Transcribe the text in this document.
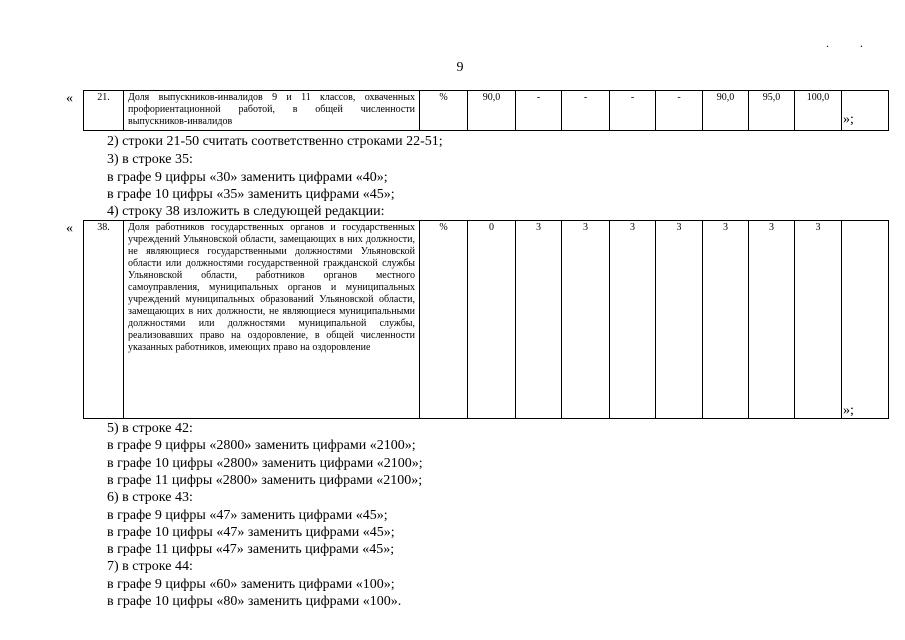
. .
9
« 21.	Доля выпускников-инвалидов 9 и 11 классов, охваченных профориентационной работой, в общей численности выпускников-инвалидов	%	90,0	-	-	-	-	90,0	95,0	100,0	
»;
2) строки 21-50 считать соответственно строками 22-51;
3) в строке 35:
в графе 9 цифры «30» заменить цифрами «40»;
в графе 10 цифры «35» заменить цифрами «45»;
4) строку 38 изложить в следующей редакции:
« 38.	Доля работников государственных органов и государственных учреждений Ульяновской области, замещающих в них должности, не являющиеся государственными должностями Ульяновской области или должностями государственной гражданской службы Ульяновской области, работников органов местного самоуправления, муниципальных органов и муниципальных учреждений муниципальных образований Ульяновской области, замещающих в них должности, не являющиеся муниципальными должностями или должностями муниципальной службы, реализовавших право на оздоровление, в общей численности указанных работников, имеющих право на оздоровление	%	0	3	3	3	3	3	3	3	
»;
5) в строке 42:
в графе 9 цифры «2800» заменить цифрами «2100»;
в графе 10 цифры «2800» заменить цифрами «2100»;
в графе 11 цифры «2800» заменить цифрами «2100»;
6) в строке 43:
в графе 9 цифры «47» заменить цифрами «45»;
в графе 10 цифры «47» заменить цифрами «45»;
в графе 11 цифры «47» заменить цифрами «45»;
7) в строке 44:
в графе 9 цифры «60» заменить цифрами «100»;
в графе 10 цифры «80» заменить цифрами «100».
